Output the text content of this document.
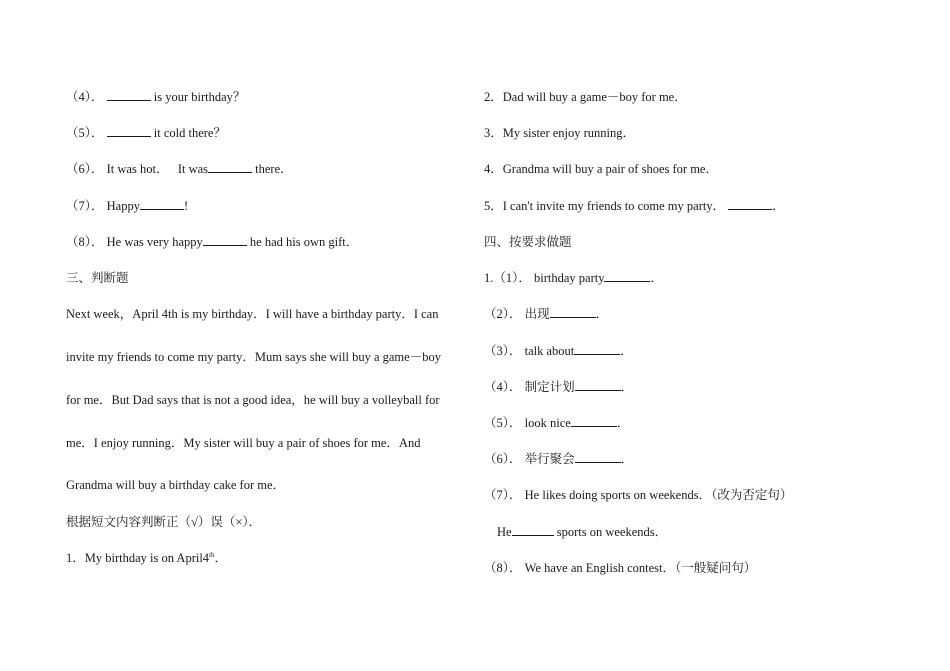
（4）．	is your birthday？
（5）．	it cold there？
（6）． It was hot． It was	there．
（7）． Happy	!
（8）． He was very happy	he had his own gift．
三、判断题
Next week，April 4th is my birthday．I will have a birthday party．I can
invite my friends to come my party．Mum says she will buy a game－boy
for me．But Dad says that is not a good idea，he will buy a volleyball for
me．I enjoy running．My sister will buy a pair of shoes for me．And
Grandma will buy a birthday cake for me．
根据短文内容判断正（√）误（×）．
1．My birthday is on April4th．
2．Dad will buy a game－boy for me．
3．My sister enjoy running．
4．Grandma will buy a pair of shoes for me．
5．I can't invite my friends to come my party．	．
四、按要求做题
1.（1）． birthday party	．
（2）． 出现	．
（3）． talk about	．
（4）． 制定计划	．
（5）． look nice	．
（6）． 举行聚会	．
（7）． He likes doing sports on weekends．（改为否定句）
He	sports on weekends．
（8）． We have an English contest．（一般疑问句）
